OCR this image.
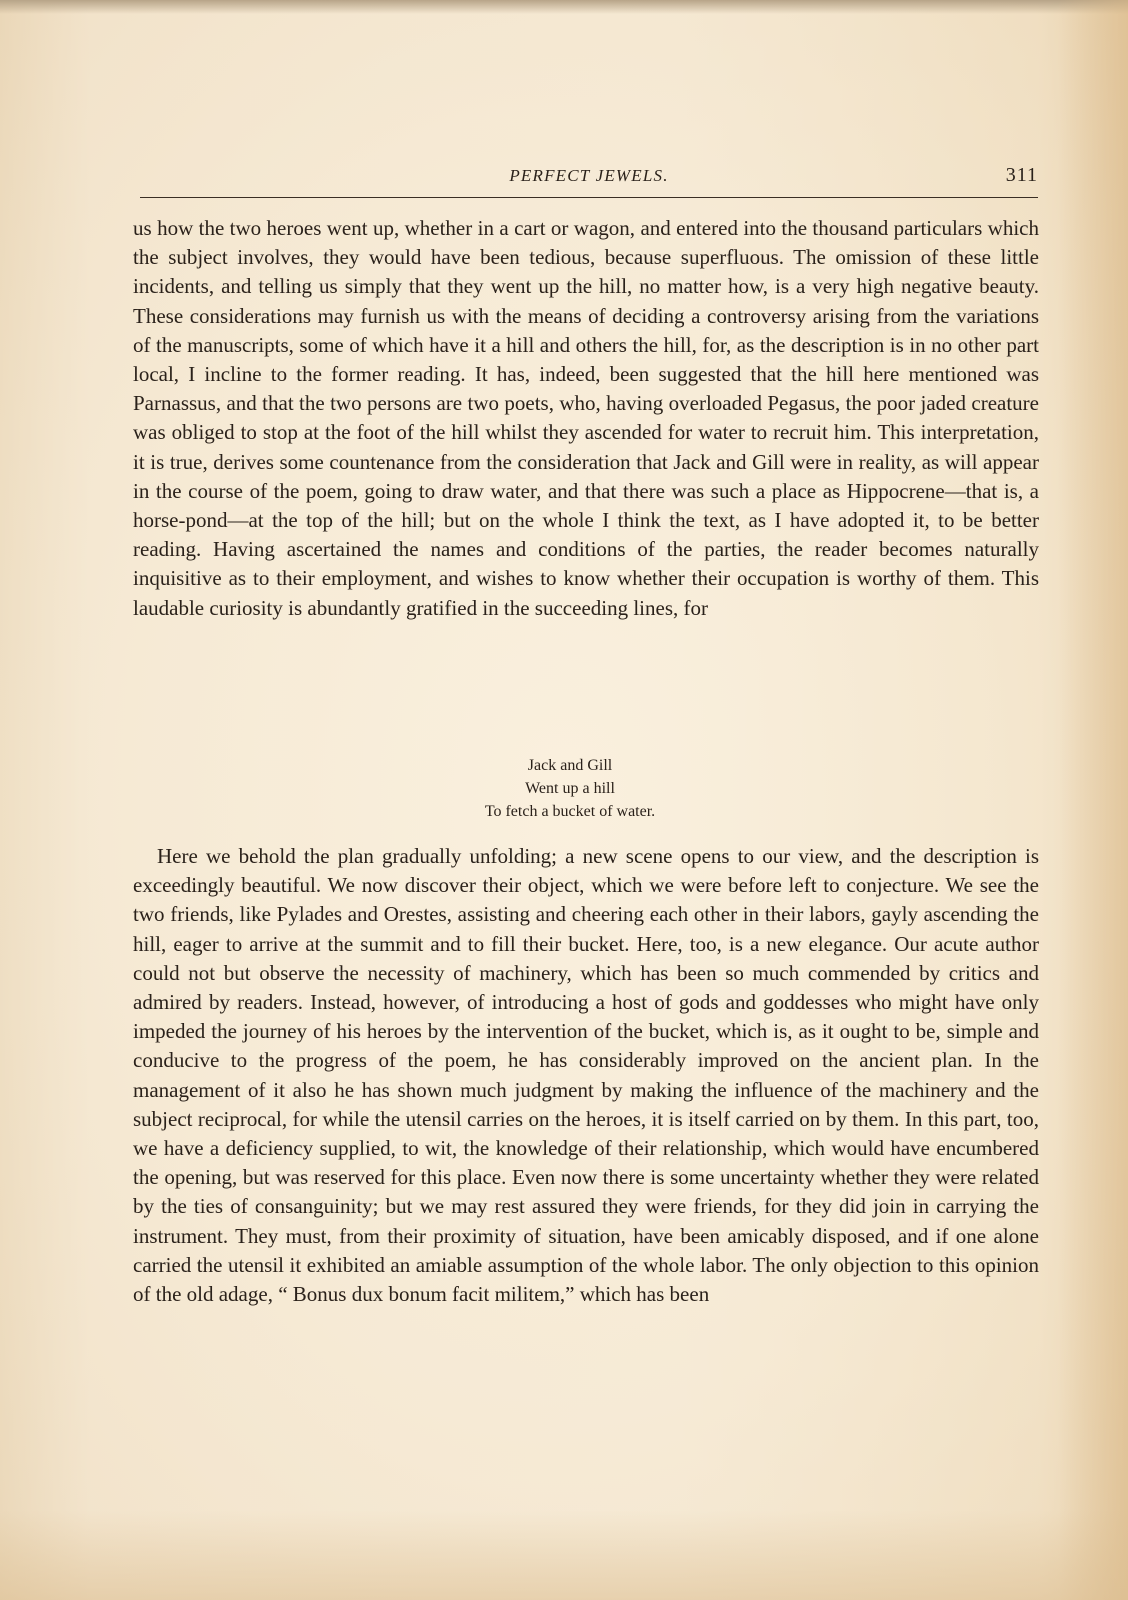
PERFECT JEWELS.	311

us how the two heroes went up, whether in a cart or wagon, and entered into the thousand particulars which the subject involves, they would have been tedious, because superfluous. The omission of these little incidents, and telling us simply that they went up the hill, no matter how, is a very high negative beauty. These considerations may furnish us with the means of deciding a controversy arising from the variations of the manuscripts, some of which have it a hill and others the hill, for, as the description is in no other part local, I incline to the former reading. It has, indeed, been suggested that the hill here mentioned was Parnassus, and that the two persons are two poets, who, having overloaded Pegasus, the poor jaded creature was obliged to stop at the foot of the hill whilst they ascended for water to recruit him. This interpretation, it is true, derives some countenance from the consideration that Jack and Gill were in reality, as will appear in the course of the poem, going to draw water, and that there was such a place as Hippocrene—that is, a horse-pond—at the top of the hill; but on the whole I think the text, as I have adopted it, to be better reading. Having ascertained the names and conditions of the parties, the reader becomes naturally inquisitive as to their employment, and wishes to know whether their occupation is worthy of them. This laudable curiosity is abundantly gratified in the succeeding lines, for

Jack and Gill
Went up a hill
To fetch a bucket of water.

Here we behold the plan gradually unfolding; a new scene opens to our view, and the description is exceedingly beautiful. We now discover their object, which we were before left to conjecture. We see the two friends, like Pylades and Orestes, assisting and cheering each other in their labors, gayly ascending the hill, eager to arrive at the summit and to fill their bucket. Here, too, is a new elegance. Our acute author could not but observe the necessity of machinery, which has been so much commended by critics and admired by readers. Instead, however, of introducing a host of gods and goddesses who might have only impeded the journey of his heroes by the intervention of the bucket, which is, as it ought to be, simple and conducive to the progress of the poem, he has considerably improved on the ancient plan. In the management of it also he has shown much judgment by making the influence of the machinery and the subject reciprocal, for while the utensil carries on the heroes, it is itself carried on by them. In this part, too, we have a deficiency supplied, to wit, the knowledge of their relationship, which would have encumbered the opening, but was reserved for this place. Even now there is some uncertainty whether they were related by the ties of consanguinity; but we may rest assured they were friends, for they did join in carrying the instrument. They must, from their proximity of situation, have been amicably disposed, and if one alone carried the utensil it exhibited an amiable assumption of the whole labor. The only objection to this opinion of the old adage, “ Bonus dux bonum facit militem,” which has been
